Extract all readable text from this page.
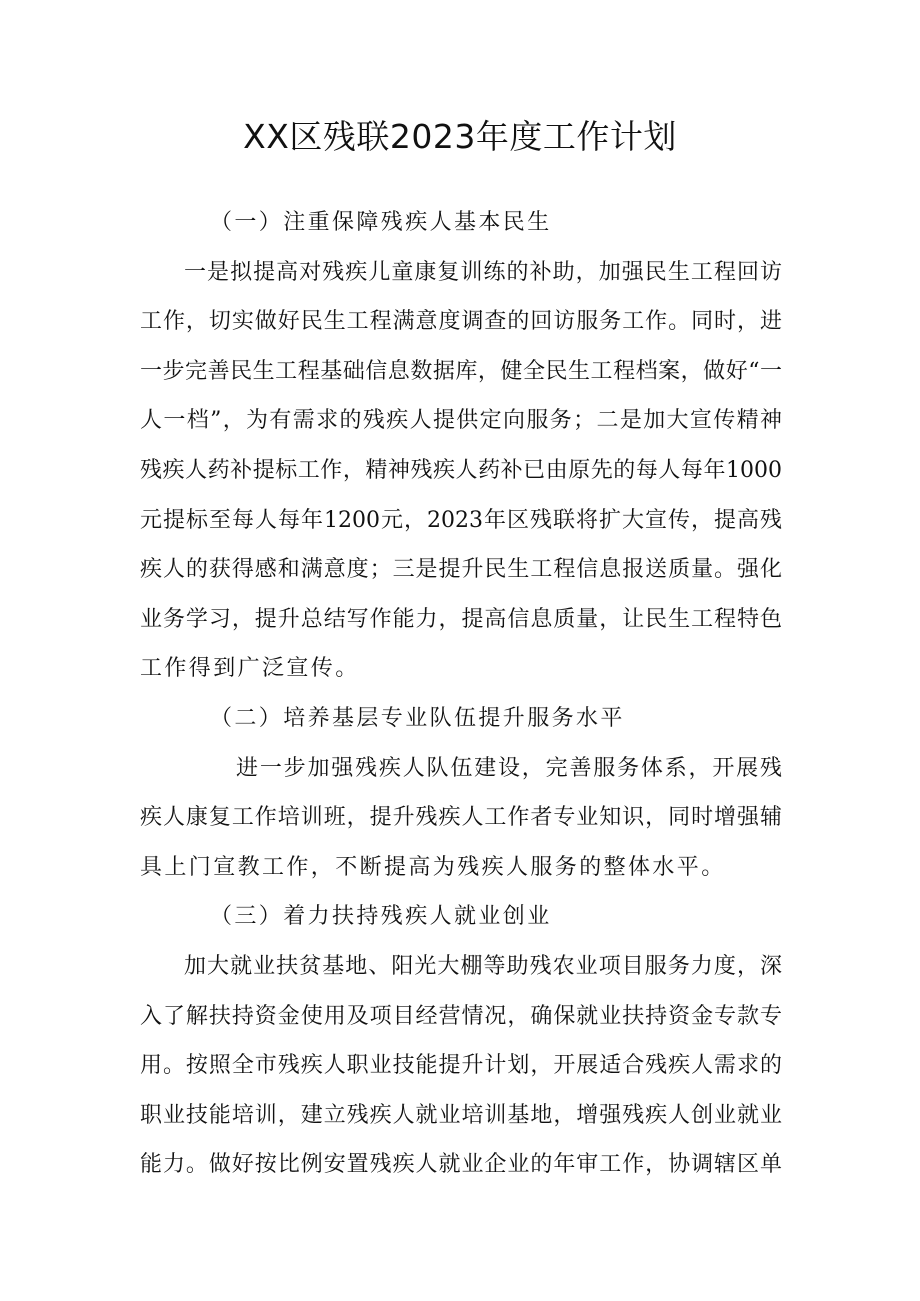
XX区残联2023年度工作计划
（一）注重保障残疾人基本民生
一是拟提高对残疾儿童康复训练的补助，加强民生工程回访
工作，切实做好民生工程满意度调查的回访服务工作。同时，进
一步完善民生工程基础信息数据库，健全民生工程档案，做好“一
人一档”，为有需求的残疾人提供定向服务；二是加大宣传精神
残疾人药补提标工作，精神残疾人药补已由原先的每人每年1000
元提标至每人每年1200元，2023年区残联将扩大宣传，提高残
疾人的获得感和满意度；三是提升民生工程信息报送质量。强化
业务学习，提升总结写作能力，提高信息质量，让民生工程特色
工作得到广泛宣传。
（二）培养基层专业队伍提升服务水平
进一步加强残疾人队伍建设，完善服务体系，开展残
疾人康复工作培训班，提升残疾人工作者专业知识，同时增强辅
具上门宣教工作，不断提高为残疾人服务的整体水平。
（三）着力扶持残疾人就业创业
加大就业扶贫基地、阳光大棚等助残农业项目服务力度，深
入了解扶持资金使用及项目经营情况，确保就业扶持资金专款专
用。按照全市残疾人职业技能提升计划，开展适合残疾人需求的
职业技能培训，建立残疾人就业培训基地，增强残疾人创业就业
能力。做好按比例安置残疾人就业企业的年审工作，协调辖区单
